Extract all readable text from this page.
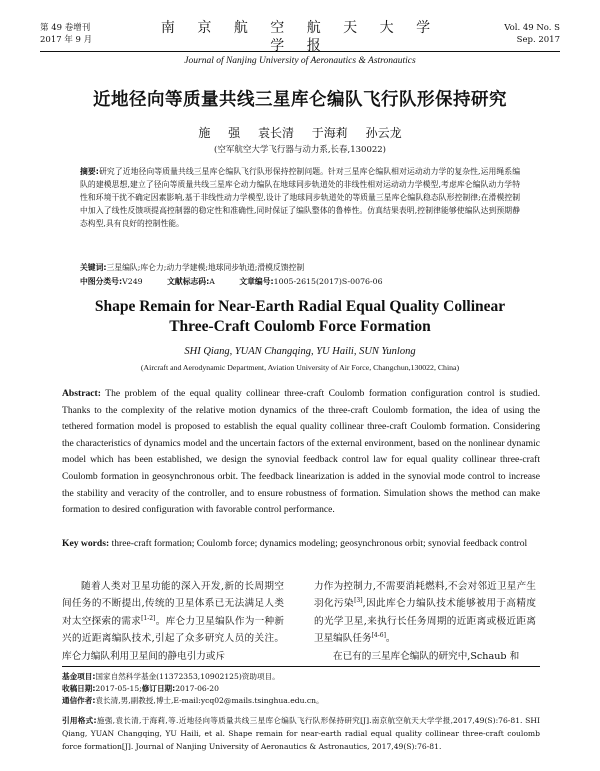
第 49 卷增刊
2017 年 9 月
南 京 航 空 航 天 大 学 学 报
Journal of Nanjing University of Aeronautics & Astronautics
Vol. 49 No. S
Sep. 2017
近地径向等质量共线三星库仑编队飞行队形保持研究
施 强 袁长清 于海莉 孙云龙
(空军航空大学飞行器与动力系,长春,130022)
摘要:研究了近地径向等质量共线三星库仑编队飞行队形保持控制问题。针对三星库仑编队相对运动动力学的复杂性,运用绳系编队的建模思想,建立了径向等质量共线三星库仑动力编队在地球同步轨道处的非线性相对运动动力学模型,考虑库仑编队动力学特性和环境干扰不确定因素影响,基于非线性动力学模型,设计了地球同步轨道处的等质量三星库仑编队稳态队形控制律;在滑模控制中加入了线性反馈项提高控制器的稳定性和准确性,同时保证了编队整体的鲁棒性。仿真结果表明,控制律能够使编队达到预期静态构型,具有良好的控制性能。
关键词:三星编队;库仑力;动力学建模;地球同步轨道;滑模反馈控制
中图分类号:V249	文献标志码:A	文章编号:1005-2615(2017)S-0076-06
Shape Remain for Near-Earth Radial Equal Quality Collinear
Three-Craft Coulomb Force Formation
SHI Qiang, YUAN Changqing, YU Haili, SUN Yunlong
(Aircraft and Aerodynamic Department, Aviation University of Air Force, Changchun,130022, China)
Abstract: The problem of the equal quality collinear three-craft Coulomb formation configuration control is studied. Thanks to the complexity of the relative motion dynamics of the three-craft Coulomb formation, the idea of using the tethered formation model is proposed to establish the equal quality collinear three-craft Coulomb formation. Considering the characteristics of dynamics model and the uncertain factors of the external environment, based on the nonlinear dynamic model which has been established, we design the synovial feedback control law for equal quality collinear three-craft Coulomb formation in geosynchronous orbit. The feedback linearization is added in the synovial mode control to increase the stability and veracity of the controller, and to ensure robustness of formation. Simulation shows the method can make formation to desired configuration with favorable control performance.
Key words: three-craft formation; Coulomb force; dynamics modeling; geosynchronous orbit; synovial feedback control
随着人类对卫星功能的深入开发,新的长周期空间任务的不断提出,传统的卫星体系已无法满足人类对太空探索的需求[1-2]。库仑力卫星编队作为一种新兴的近距离编队技术,引起了众多研究人员的关注。库仑力编队利用卫星间的静电引力或斥
力作为控制力,不需要消耗燃料,不会对邻近卫星产生羽化污染[3],因此库仑力编队技术能够被用于高精度的光学卫星,来执行长任务周期的近距离或极近距离卫星编队任务[4-6]。
在已有的三星库仑编队的研究中,Schaub 和
基金项目:国家自然科学基金(11372353,10902125)资助项目。
收稿日期:2017-05-15;修订日期:2017-06-20
通信作者:袁长清,男,副教授,博士,E-mail:ycq02@mails.tsinghua.edu.cn。
引用格式:施强,袁长清,于海莉,等.近地径向等质量共线三星库仑编队飞行队形保持研究[J].南京航空航天大学学报,2017,49(S):76-81. SHI Qiang, YUAN Changqing, YU Haili, et al. Shape remain for near-earth radial equal quality collinear three-craft coulomb force formation[J]. Journal of Nanjing University of Aeronautics & Astronautics, 2017,49(S):76-81.
